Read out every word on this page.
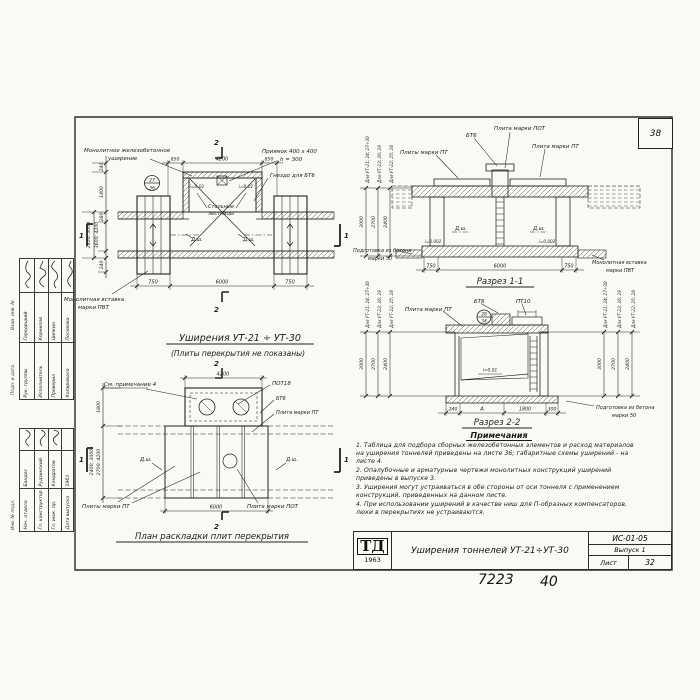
Монолитное железобетонное
уширение
Приямок 400 х 400
h = 300
Гнездо для БТ6
Стальные
лестницы
Монолитная вставка
марки ПВТ
27
36
Д.ш.	Д.ш.
i=0.01	i=0.01
850	4200	850
240
1400
280
2400; 3000 3600; 4200
240
750	6000	750
1	1
2
2
Уширения УТ-21 ÷ УТ-30
(Плиты перекрытия не показаны)
Плиты марки ПТ
БТ6
Плита марки ПОТ
Плита марки ПТ
Д.ш.	Д.ш.
i=0.002	i=0.002
Подготовка из бетона
марки 50
Монолитная вставка
марки ПВТ
750	6000	750
3000 2700 2400
Для УТ-21; 24; 27÷30 Для УТ-23; 26; 29 Для УТ-22; 25; 28
Разрез 1-1
Плита марки ПТ
БТ6	ПТ10
28
34
i=0.01
Подготовка из бетона
марки 50
240	А	1800	300
3000 2700 2400
Для УТ-21; 24; 27÷30 Для УТ-23; 26; 29 Для УТ-22; 25; 28
3000 2700 2400
Для УТ-21; 24; 27÷30 Для УТ-23; 26; 29 Для УТ-22; 25; 28
Разрез 2-2
См. примечание 4	ПОТ18
БТ6
Плита марки ПТ
Д.ш.	Д.ш.
4200
6000
1800
2400; 3000 2700; 4200
Плиты марки ПТ	Плита марки ПОТ
1	1
2
2
План раскладки плит перекрытия
38
Примечания
1. Таблица для подбора сборных железобетонных элементов и расход материалов на уширения тоннелей приведены на листе 36; габаритные схемы уширений - на листе 4.
2. Опалубочные и арматурные чертежи монолитных конструкций уширений приведены в выпуске 3.
3. Уширения могут устраиваться в обе стороны от оси тоннеля с применением конструкций, приведенных на данном листе.
4. При использовании уширений в качестве ниш для П-образных компенсаторов, люки в перекрытиях не устраиваются.
ТД
1963
Уширения тоннелей УТ-21÷УТ-30
ИС-01-05
Выпуск 1
Лист	32
7223 40
Рук. группы
Городецкий
Исполнитель
Корнилов
Проверил
Ципкин
Копировала
Полякова
Нач. отдела
Бандос
Гл. конструктор
Рудзинский
Гл. инж. пр.
Кондратов
Дата выпуска
1963
Взам. инв. №
Подп. и дата
Инв. № подл.
